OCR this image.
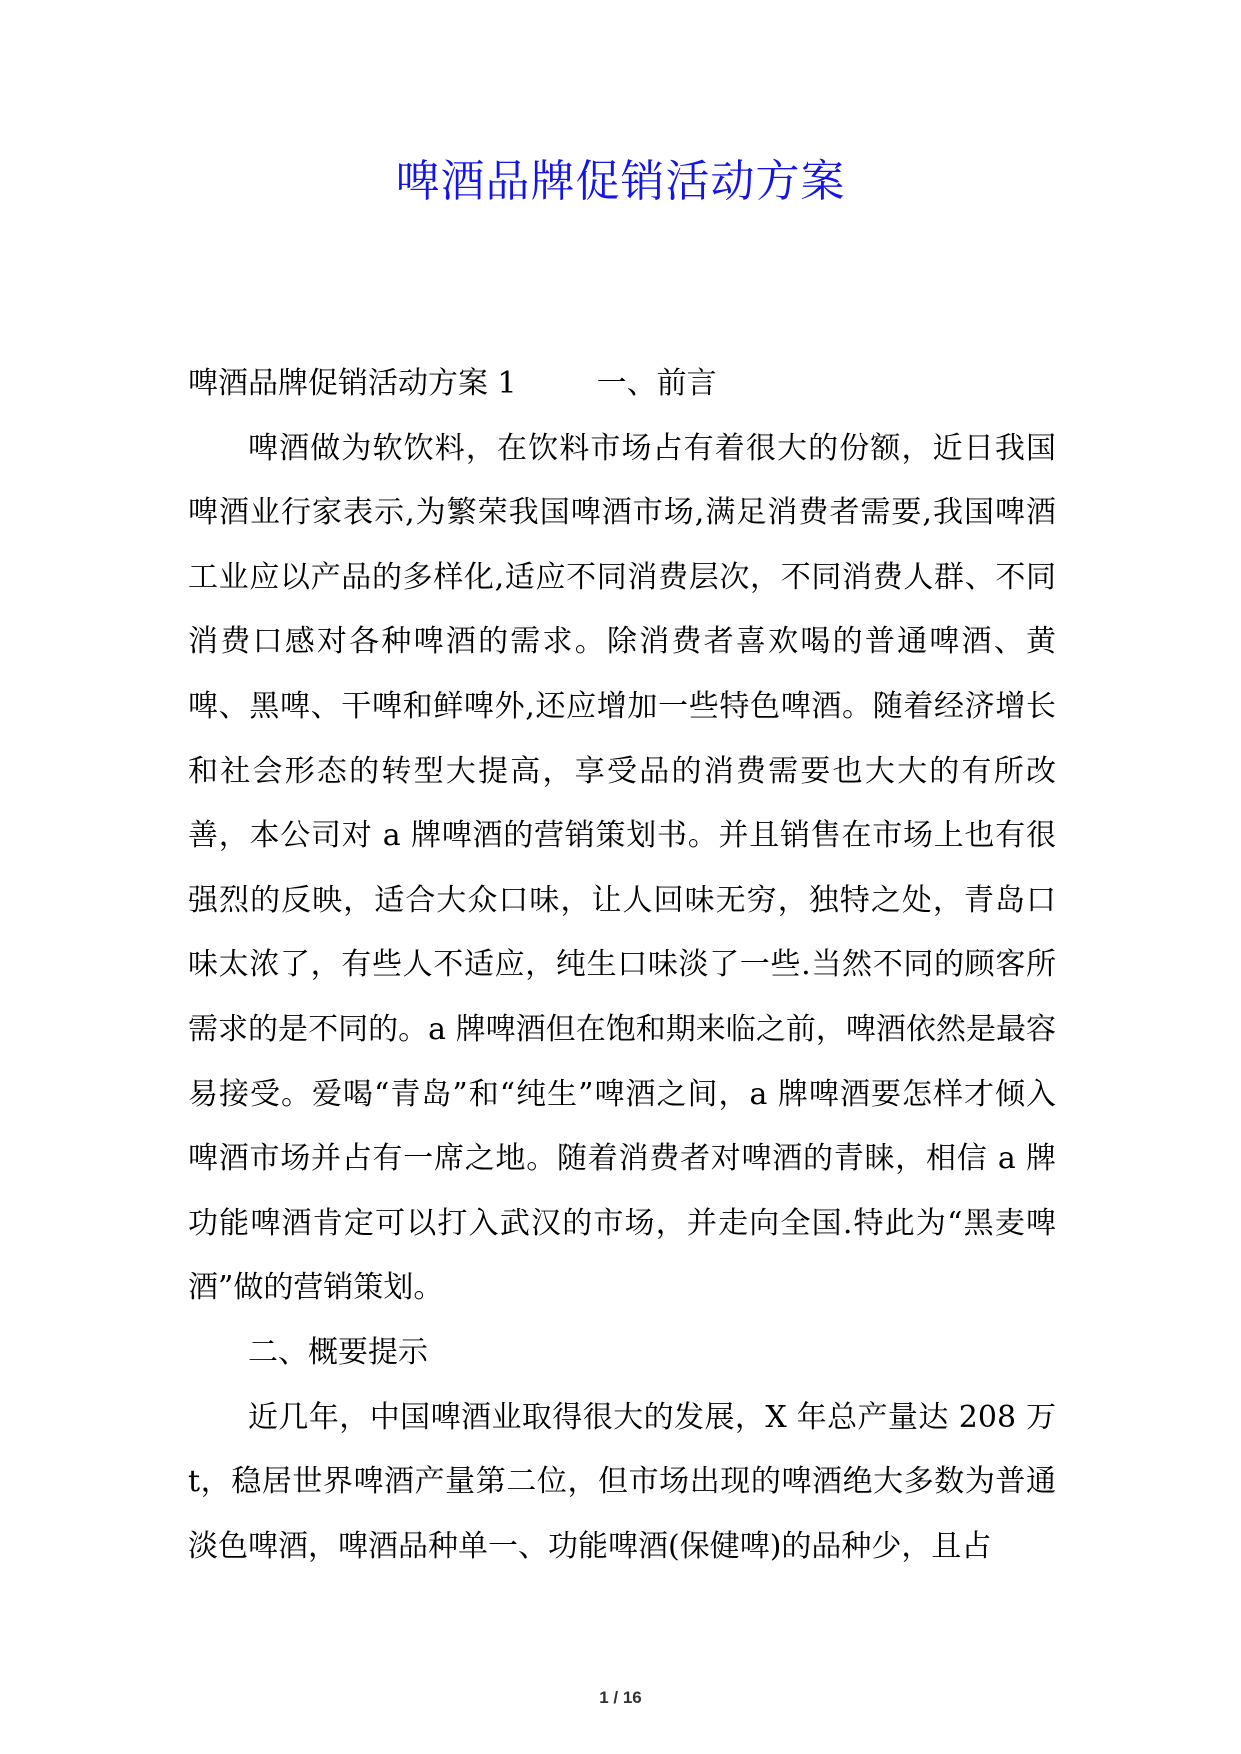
啤酒品牌促销活动方案

啤酒品牌促销活动方案 1	一、前言

啤酒做为软饮料，在饮料市场占有着很大的份额，近日我国啤酒业行家表示,为繁荣我国啤酒市场,满足消费者需要,我国啤酒工业应以产品的多样化,适应不同消费层次，不同消费人群、不同消费口感对各种啤酒的需求。除消费者喜欢喝的普通啤酒、黄啤、黑啤、干啤和鲜啤外,还应增加一些特色啤酒。随着经济增长和社会形态的转型大提高，享受品的消费需要也大大的有所改善，本公司对 a 牌啤酒的营销策划书。并且销售在市场上也有很强烈的反映，适合大众口味，让人回味无穷，独特之处，青岛口味太浓了，有些人不适应，纯生口味淡了一些.当然不同的顾客所需求的是不同的。a 牌啤酒但在饱和期来临之前，啤酒依然是最容易接受。爱喝“青岛”和“纯生”啤酒之间，a 牌啤酒要怎样才倾入啤酒市场并占有一席之地。随着消费者对啤酒的青睐，相信 a 牌功能啤酒肯定可以打入武汉的市场，并走向全国.特此为“黑麦啤酒”做的营销策划。

二、概要提示

近几年，中国啤酒业取得很大的发展，X 年总产量达 208 万 t，稳居世界啤酒产量第二位，但市场出现的啤酒绝大多数为普通淡色啤酒，啤酒品种单一、功能啤酒(保健啤)的品种少，且占

1 / 16
